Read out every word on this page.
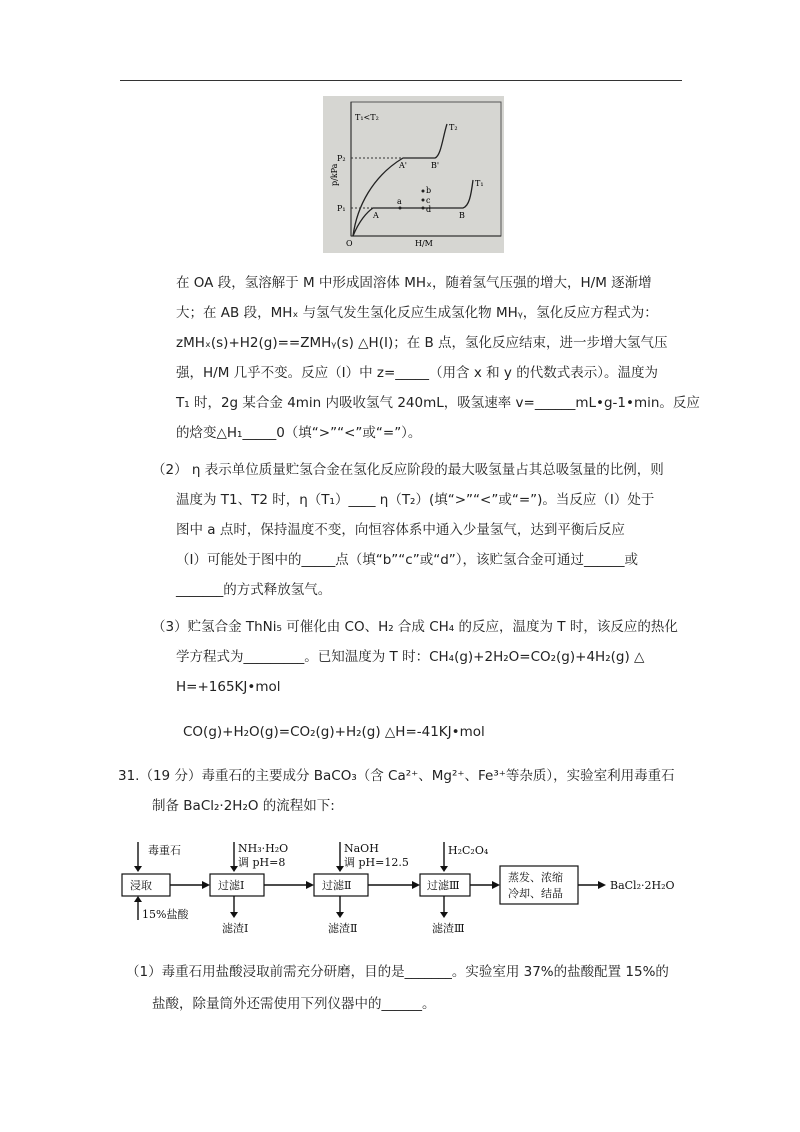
T₁<T₂
p/kPa
H/M
O
P₂
P₁
T₂
T₁
A'	B'
A	B
a
b
c
d
在 OA 段，氢溶解于 M 中形成固溶体 MHₓ，随着氢气压强的增大，H/M 逐渐增
大；在 AB 段，MHₓ 与氢气发生氢化反应生成氢化物 MHᵧ，氢化反应方程式为：
zMHₓ(s)+H2(g)==ZMHᵧ(s) △H(Ⅰ)；在 B 点，氢化反应结束，进一步增大氢气压
强，H/M 几乎不变。反应（Ⅰ）中 z=_____（用含 x 和 y 的代数式表示）。温度为
T₁ 时，2g 某合金 4min 内吸收氢气 240mL，吸氢速率 v=______mL•g-1•min。反应
的焓变△H₁_____0（填“>”“<”或“=”）。
（2） η 表示单位质量贮氢合金在氢化反应阶段的最大吸氢量占其总吸氢量的比例，则
温度为 T1、T2 时，η（T₁）____ η（T₂）(填“>”“<”或“=”)。当反应（Ⅰ）处于
图中 a 点时，保持温度不变，向恒容体系中通入少量氢气，达到平衡后反应
（Ⅰ）可能处于图中的_____点（填“b”“c”或“d”），该贮氢合金可通过______或
_______的方式释放氢气。
（3）贮氢合金 ThNi₅ 可催化由 CO、H₂ 合成 CH₄ 的反应，温度为 T 时，该反应的热化
学方程式为_________。已知温度为 T 时：CH₄(g)+2H₂O=CO₂(g)+4H₂(g) △
H=+165KJ•mol
CO(g)+H₂O(g)=CO₂(g)+H₂(g) △H=-41KJ•mol
31.（19 分）毒重石的主要成分 BaCO₃（含 Ca²⁺、Mg²⁺、Fe³⁺等杂质），实验室利用毒重石
制备 BaCl₂·2H₂O 的流程如下:
毒重石
浸取
15%盐酸
NH₃·H₂O
调 pH=8
过滤Ⅰ
滤渣Ⅰ
NaOH
调 pH=12.5
过滤Ⅱ
滤渣Ⅱ
H₂C₂O₄
过滤Ⅲ
滤渣Ⅲ
蒸发、浓缩
冷却、结晶
BaCl₂·2H₂O
（1）毒重石用盐酸浸取前需充分研磨，目的是_______。实验室用 37%的盐酸配置 15%的
盐酸，除量筒外还需使用下列仪器中的______。
